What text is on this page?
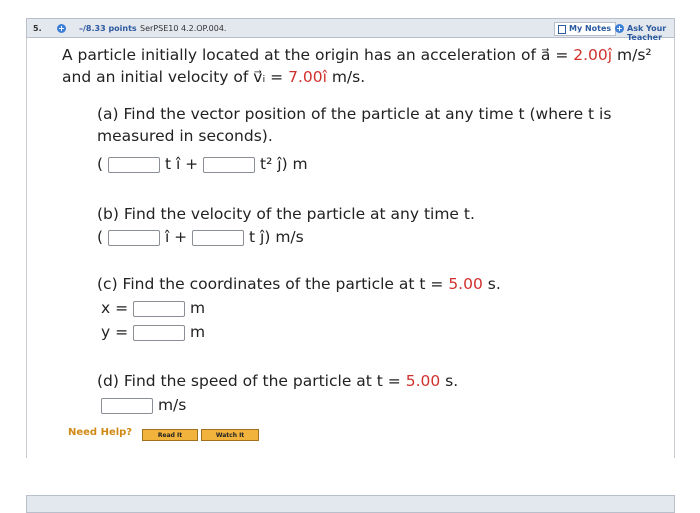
5. + –/8.33 points SerPSE10 4.2.OP.004.	My Notes + Ask Your Teacher
A particle initially located at the origin has an acceleration of a⃗ = 2.00ĵ m/s²
and an initial velocity of v⃗ᵢ = 7.00î m/s.
(a) Find the vector position of the particle at any time t (where t is
measured in seconds).
(	t î +	t² ĵ) m
(b) Find the velocity of the particle at any time t.
(	î +	t ĵ) m/s
(c) Find the coordinates of the particle at t = 5.00 s.
x =	m
y =	m
(d) Find the speed of the particle at t = 5.00 s.
m/s
Need Help?	Read It	Watch It
